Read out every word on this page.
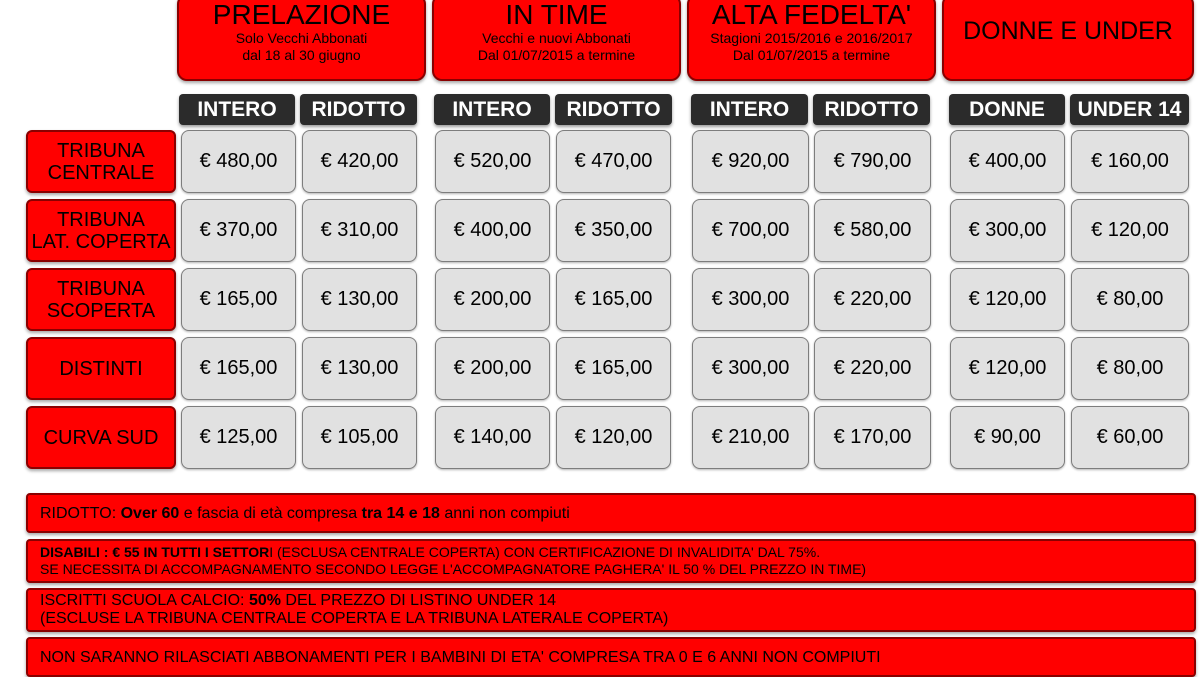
PRELAZIONE
Solo Vecchi Abbonati
dal 18 al 30 giugno
IN TIME
Vecchi e nuovi Abbonati
Dal 01/07/2015 a termine
ALTA FEDELTA'
Stagioni 2015/2016 e 2016/2017
Dal 01/07/2015 a termine
DONNE E UNDER
INTERO	RIDOTTO	INTERO	RIDOTTO	INTERO	RIDOTTO	DONNE	UNDER 14
TRIBUNA
CENTRALE
€ 480,00	€ 420,00	€ 520,00	€ 470,00	€ 920,00	€ 790,00	€ 400,00	€ 160,00
TRIBUNA
LAT. COPERTA
€ 370,00	€ 310,00	€ 400,00	€ 350,00	€ 700,00	€ 580,00	€ 300,00	€ 120,00
TRIBUNA
SCOPERTA
€ 165,00	€ 130,00	€ 200,00	€ 165,00	€ 300,00	€ 220,00	€ 120,00	€ 80,00
DISTINTI	€ 165,00	€ 130,00	€ 200,00	€ 165,00	€ 300,00	€ 220,00	€ 120,00	€ 80,00
CURVA SUD	€ 125,00	€ 105,00	€ 140,00	€ 120,00	€ 210,00	€ 170,00	€ 90,00	€ 60,00
RIDOTTO: Over 60 e fascia di età compresa tra 14 e 18 anni non compiuti
DISABILI : € 55 IN TUTTI I SETTORI (ESCLUSA CENTRALE COPERTA) CON CERTIFICAZIONE DI INVALIDITA' DAL 75%.
SE NECESSITA DI ACCOMPAGNAMENTO SECONDO LEGGE L'ACCOMPAGNATORE PAGHERA' IL 50 % DEL PREZZO IN TIME)
ISCRITTI SCUOLA CALCIO: 50% DEL PREZZO DI LISTINO UNDER 14
(ESCLUSE LA TRIBUNA CENTRALE COPERTA E LA TRIBUNA LATERALE COPERTA)
NON SARANNO RILASCIATI ABBONAMENTI PER I BAMBINI DI ETA' COMPRESA TRA 0 E 6 ANNI NON COMPIUTI
